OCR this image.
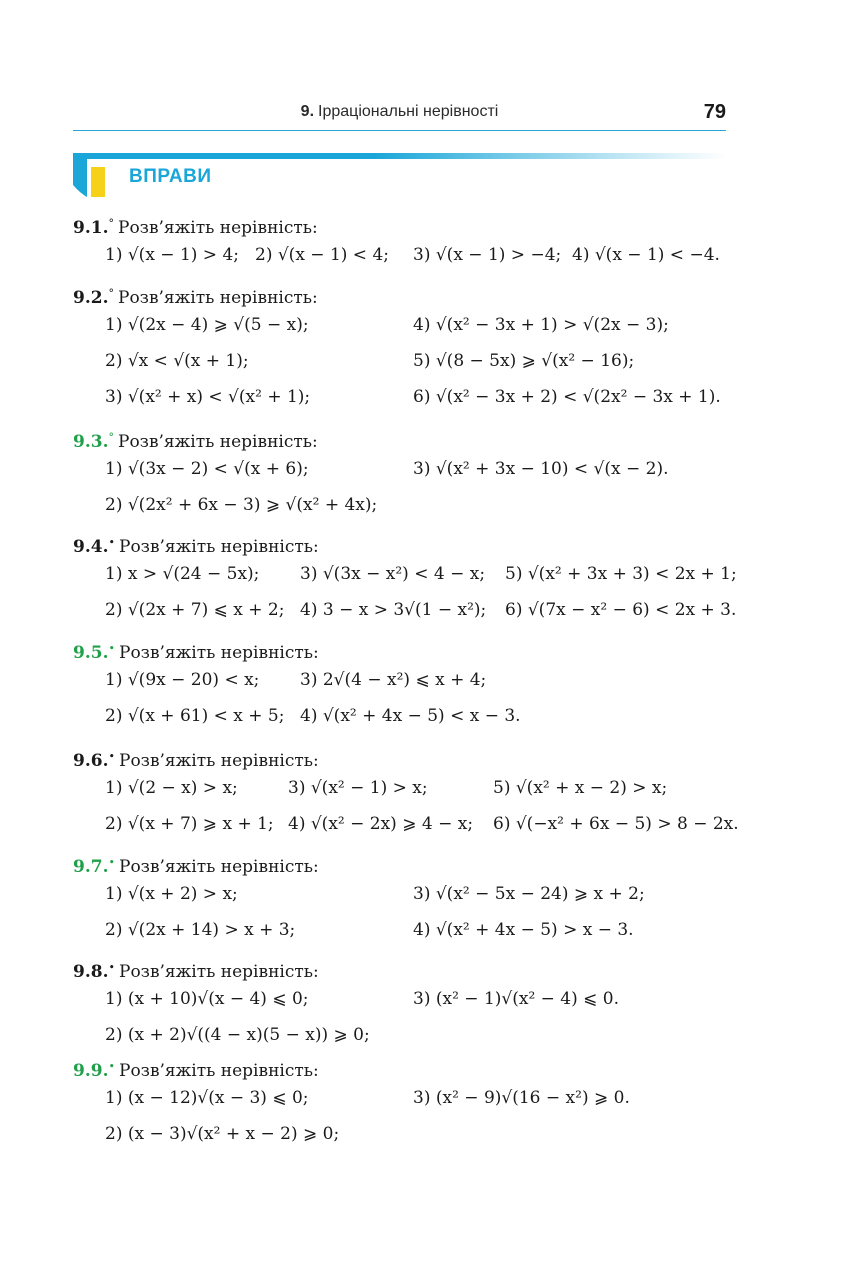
9. Ірраціональні нерівності	79
ВПРАВИ
9.1.° Розв’яжіть нерівність:
1) √(x − 1) > 4; 2) √(x − 1) < 4; 3) √(x − 1) > −4; 4) √(x − 1) < −4.
9.2.° Розв’яжіть нерівність:
1) √(2x − 4) ⩾ √(5 − x);	4) √(x² − 3x + 1) > √(2x − 3);
2) √x < √(x + 1);	5) √(8 − 5x) ⩾ √(x² − 16);
3) √(x² + x) < √(x² + 1);	6) √(x² − 3x + 2) < √(2x² − 3x + 1).
9.3.° Розв’яжіть нерівність:
1) √(3x − 2) < √(x + 6);	3) √(x² + 3x − 10) < √(x − 2).
2) √(2x² + 6x − 3) ⩾ √(x² + 4x);
9.4.• Розв’яжіть нерівність:
1) x > √(24 − 5x); 3) √(3x − x²) < 4 − x; 5) √(x² + 3x + 3) < 2x + 1;
2) √(2x + 7) ⩽ x + 2; 4) 3 − x > 3√(1 − x²); 6) √(7x − x² − 6) < 2x + 3.
9.5.• Розв’яжіть нерівність:
1) √(9x − 20) < x; 3) 2√(4 − x²) ⩽ x + 4;
2) √(x + 61) < x + 5; 4) √(x² + 4x − 5) < x − 3.
9.6.• Розв’яжіть нерівність:
1) √(2 − x) > x;	3) √(x² − 1) > x;	5) √(x² + x − 2) > x;
2) √(x + 7) ⩾ x + 1; 4) √(x² − 2x) ⩾ 4 − x; 6) √(−x² + 6x − 5) > 8 − 2x.
9.7.• Розв’яжіть нерівність:
1) √(x + 2) > x;	3) √(x² − 5x − 24) ⩾ x + 2;
2) √(2x + 14) > x + 3;	4) √(x² + 4x − 5) > x − 3.
9.8.• Розв’яжіть нерівність:
1) (x + 10)√(x − 4) ⩽ 0;	3) (x² − 1)√(x² − 4) ⩽ 0.
2) (x + 2)√((4 − x)(5 − x)) ⩾ 0;
9.9.• Розв’яжіть нерівність:
1) (x − 12)√(x − 3) ⩽ 0;	3) (x² − 9)√(16 − x²) ⩾ 0.
2) (x − 3)√(x² + x − 2) ⩾ 0;
